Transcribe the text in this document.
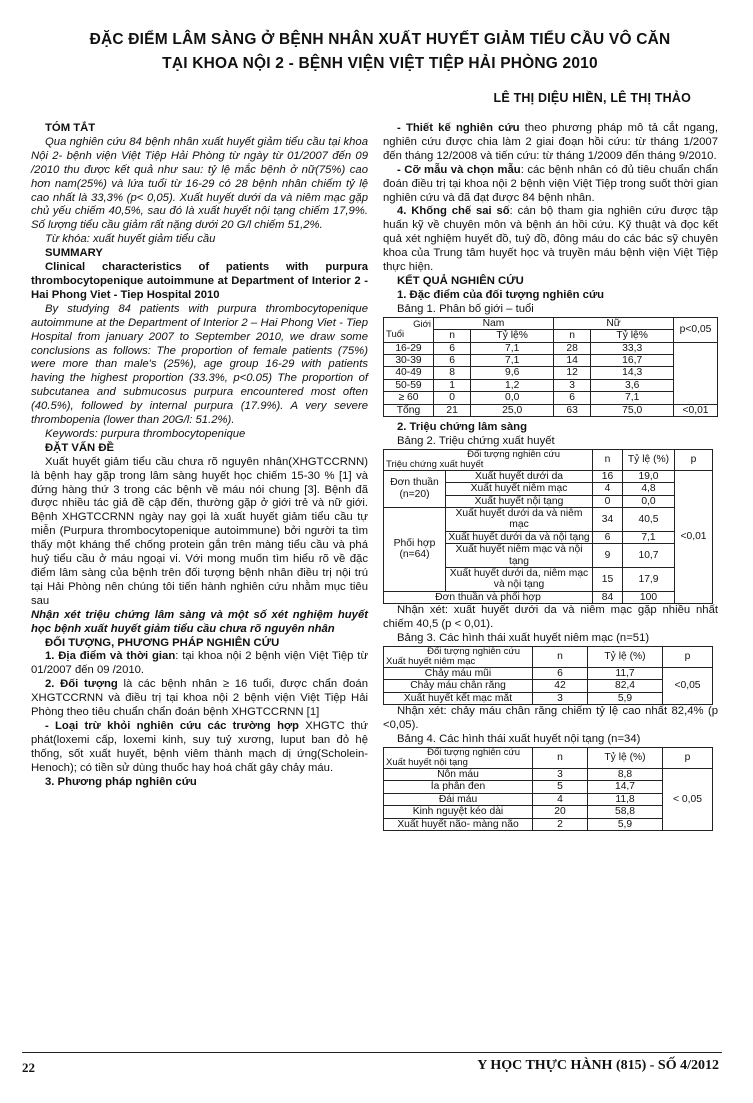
ĐẶC ĐIỂM LÂM SÀNG Ở BỆNH NHÂN XUẤT HUYẾT GIẢM TIỂU CẦU VÔ CĂN
TẠI KHOA NỘI 2 - BỆNH VIỆN VIỆT TIỆP HẢI PHÒNG 2010
LÊ THỊ DIỆU HIỀN, LÊ THỊ THẢO
TÓM TẮT
Qua nghiên cứu 84 bệnh nhân xuất huyết giảm tiểu cầu tại khoa Nội 2- bệnh viện Việt Tiệp Hải Phòng từ ngày từ 01/2007 đến 09 /2010 thu được kết quả như sau: tỷ lệ mắc bệnh ở nữ(75%) cao hơn nam(25%) và lứa tuổi từ 16-29 có 28 bệnh nhân chiếm tỷ lệ cao nhất là 33,3% (p< 0,05). Xuất huyết dưới da và niêm mạc gặp chủ yếu chiếm 40,5%, sau đó là xuất huyết nội tạng chiếm 17,9%. Số lượng tiểu cầu giảm rất nặng dưới 20 G/l chiếm 51,2%.
Từ khóa: xuất huyết giảm tiểu cầu
SUMMARY
Clinical characteristics of patients with purpura thrombocytopenique autoimmune at Department of Interior 2 - Hai Phong Viet - Tiep Hospital 2010
By studying 84 patients with purpura thrombocytopenique autoimmune at the Department of Interior 2 – Hai Phong Viet - Tiep Hospital from january 2007 to September 2010, we draw some conclusions as follows: The proportion of female patients (75%) were more than male's (25%), age group 16-29 with patients having the highest proportion (33.3%, p<0.05) The proportion of subcutanea and submucosus purpura encountered most often (40.5%), followed by internal purpura (17.9%). A very severe thrombopenia (lower than 20G/l: 51.2%).
Keywords: purpura thrombocytopenique
ĐẶT VẤN ĐỀ
Xuất huyết giảm tiểu cầu chưa rõ nguyên nhân(XHGTCCRNN) là bệnh hay gặp trong lâm sàng huyết học chiếm 15-30 % [1] và đứng hàng thứ 3 trong các bệnh về máu nói chung [3]. Bệnh đã được nhiều tác giả đề cập đến, thường gặp ở giới trẻ và nữ giới. Bệnh XHGTCCRNN ngày nay gọi là xuất huyết giảm tiểu cầu tự miễn (Purpura thrombocytopenique autoimmune) bởi người ta tìm thấy một kháng thể chống protein gắn trên màng tiểu cầu và phá huỷ tiểu cầu ở máu ngoại vi. Với mong muốn tìm hiểu rõ về đặc điểm lâm sàng của bệnh trên đối tượng bệnh nhân điều trị nội trú tại Hải Phòng nên chúng tôi tiến hành nghiên cứu nhằm mục tiêu sau
Nhận xét triệu chứng lâm sàng và một số xét nghiệm huyết học bệnh xuất huyết giảm tiểu cầu chưa rõ nguyên nhân
ĐỐI TƯỢNG, PHƯƠNG PHÁP NGHIÊN CỨU
1. Địa điểm và thời gian: tại khoa nội 2 bệnh viện Việt Tiệp từ 01/2007 đến 09 /2010.
2. Đối tượng là các bệnh nhân ≥ 16 tuổi, được chẩn đoán XHGTCCRNN và điều trị tại khoa nội 2 bệnh viện Việt Tiệp Hải Phòng theo tiêu chuẩn chẩn đoán bệnh XHGTCCRNN [1]
- Loại trừ khỏi nghiên cứu các trường hợp XHGTC thứ phát(loxemi cấp, loxemi kinh, suy tuỷ xương, luput ban đỏ hệ thống, sốt xuất huyết, bệnh viêm thành mạch dị ứng(Scholein- Henoch); có tiền sử dùng thuốc hay hoá chất gây chảy máu.
3. Phương pháp nghiên cứu
- Thiết kế nghiên cứu theo phương pháp mô tả cắt ngang, nghiên cứu được chia làm 2 giai đoạn hồi cứu: từ tháng 1/2007 đến tháng 12/2008 và tiến cứu: từ tháng 1/2009 đến tháng 9/2010.
- Cỡ mẫu và chọn mẫu: các bệnh nhân có đủ tiêu chuẩn chẩn đoán điều trị tại khoa nội 2 bệnh viện Việt Tiệp trong suốt thời gian nghiên cứu và đã đạt được 84 bệnh nhân.
4. Khống chế sai số: cán bộ tham gia nghiên cứu được tập huấn kỹ về chuyên môn và bệnh án hồi cứu. Kỹ thuật và đọc kết quả xét nghiệm huyết đồ, tuỷ đồ, đông máu do các bác sỹ chuyên khoa của Trung tâm huyết học và truyền máu bệnh viện Việt Tiệp thực hiện.
KẾT QUẢ NGHIÊN CỨU
1. Đặc điểm của đối tượng nghiên cứu
Bảng 1. Phân bố giới – tuổi
Giới
Tuổi	Nam		Nữ		p<0,05
	n	Tỷ lệ%	n	Tỷ lệ%	
16-29	6	7,1	28	33,3	
30-39	6	7,1	14	16,7	
40-49	8	9,6	12	14,3	
50-59	1	1,2	3	3,6	
≥ 60	0	0,0	6	7,1	
Tổng	21	25,0	63	75,0	<0,01
2. Triệu chứng lâm sàng
Bảng 2. Triệu chứng xuất huyết
Đối tượng nghiên cứu
Triệu chứng xuất huyết		n	Tỷ lệ (%)	p
Đơn thuần (n=20)	Xuất huyết dưới da	16	19,0	<0,01
	Xuất huyết niêm mạc	4	4,8	
	Xuất huyết nội tạng	0	0,0	
Phối hợp (n=64)	Xuất huyết dưới da và niêm mạc	34	40,5	
	Xuất huyết dưới da và nội tạng	6	7,1	
	Xuất huyết niêm mạc và nội tạng	9	10,7	
	Xuất huyết dưới da, niêm mạc và nội tạng	15	17,9	
Đơn thuần và phối hợp		84	100	
Nhận xét: xuất huyết dưới da và niêm mạc gặp nhiều nhất chiếm 40,5 (p < 0,01).
Bảng 3. Các hình thái xuất huyết niêm mạc (n=51)
Đối tượng nghiên cứu
Xuất huyết niêm mạc	n	Tỷ lệ (%)	p
Chảy máu mũi	6	11,7	<0,05
Chảy máu chân răng	42	82,4	
Xuất huyết kết mạc mắt	3	5,9	
Nhận xét: chảy máu chân răng chiếm tỷ lệ cao nhất 82,4% (p <0,05).
Bảng 4. Các hình thái xuất huyết nội tạng (n=34)
Đối tượng nghiên cứu
Xuất huyết nội tạng	n	Tỷ lệ (%)	p
Nôn máu	3	8,8	< 0,05
Ỉa phân đen	5	14,7	
Đái máu	4	11,8	
Kinh nguyệt kéo dài	20	58,8	
Xuất huyết não- màng não	2	5,9	
22	Y HỌC THỰC HÀNH (815) - SỐ 4/2012
